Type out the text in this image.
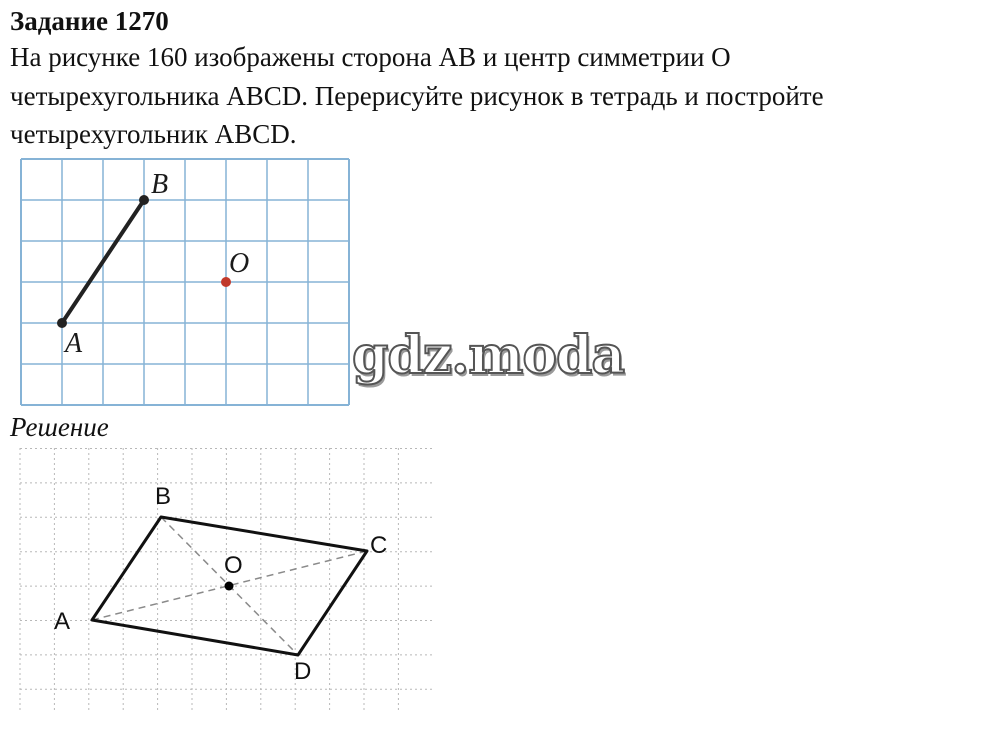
Задание 1270
На рисунке 160 изображены сторона AB и центр симметрии O
четырехугольника ABCD. Перерисуйте рисунок в тетрадь и постройте
четырехугольник ABCD.
A
B
O
gdz.moda
Решение
A
B
C
D
O
